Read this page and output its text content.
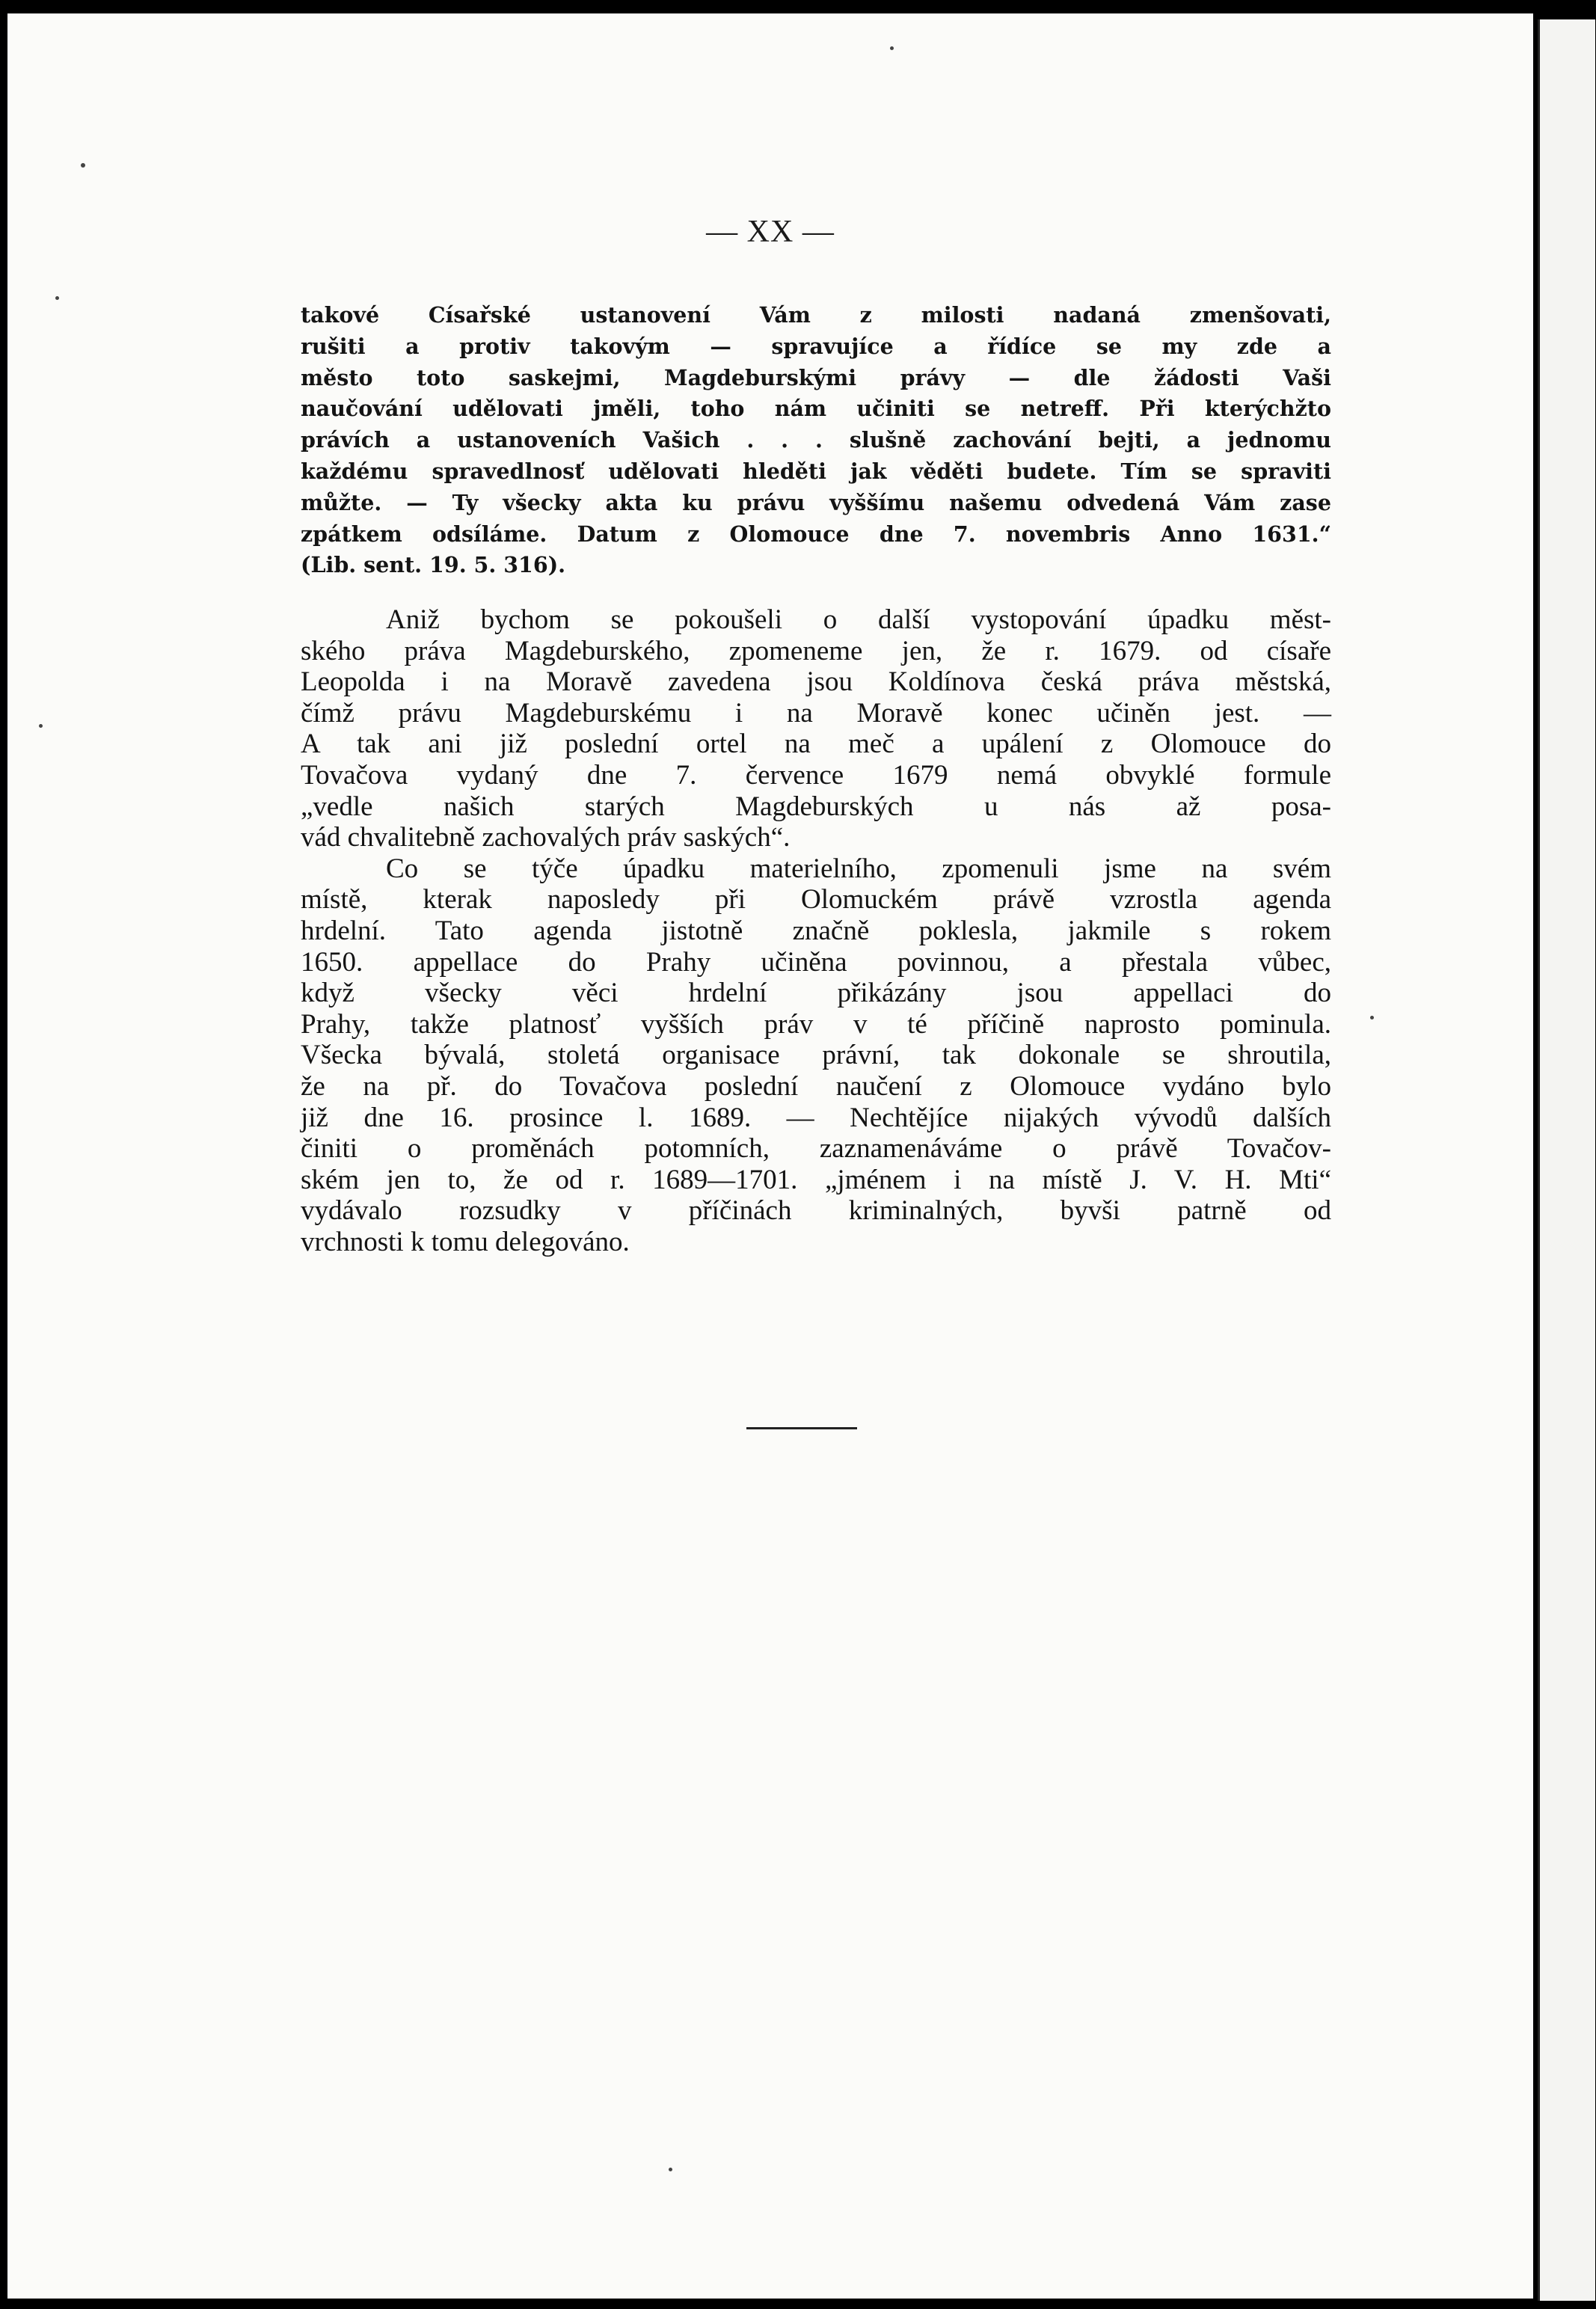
— XX —
takové Císařské ustanovení Vám z milosti nadaná zmenšovati,
rušiti a protiv takovým — spravujíce a řídíce se my zde a
město toto saskejmi, Magdeburskými právy — dle žádosti Vaši
naučování udělovati jměli, toho nám učiniti se netreff. Při kterýchžto
právích a ustanoveních Vašich . . . slušně zachování bejti, a jednomu
každému spravedlnosť udělovati hleděti jak věděti budete. Tím se spraviti
můžte. — Ty všecky akta ku právu vyššímu našemu odvedená Vám zase
zpátkem odsíláme. Datum z Olomouce dne 7. novembris Anno 1631.“
(Lib. sent. 19. 5. 316).
Aniž bychom se pokoušeli o další vystopování úpadku měst-
ského práva Magdeburského, zpomeneme jen, že r. 1679. od císaře
Leopolda i na Moravě zavedena jsou Koldínova česká práva městská,
čímž právu Magdeburskému i na Moravě konec učiněn jest. —
A tak ani již poslední ortel na meč a upálení z Olomouce do
Tovačova vydaný dne 7. července 1679 nemá obvyklé formule
„vedle našich starých Magdeburských u nás až posa-
vád chvalitebně zachovalých práv saských“.
Co se týče úpadku materielního, zpomenuli jsme na svém
místě, kterak naposledy při Olomuckém právě vzrostla agenda
hrdelní. Tato agenda jistotně značně poklesla, jakmile s rokem
1650. appellace do Prahy učiněna povinnou, a přestala vůbec,
když všecky věci hrdelní přikázány jsou appellaci do
Prahy, takže platnosť vyšších práv v té příčině naprosto pominula.
Všecka bývalá, stoletá organisace právní, tak dokonale se shroutila,
že na př. do Tovačova poslední naučení z Olomouce vydáno bylo
již dne 16. prosince l. 1689. — Nechtějíce nijakých vývodů dalších
činiti o proměnách potomních, zaznamenáváme o právě Tovačov-
ském jen to, že od r. 1689—1701. „jménem i na místě J. V. H. Mti“
vydávalo rozsudky v příčinách kriminalných, byvši patrně od
vrchnosti k tomu delegováno.
